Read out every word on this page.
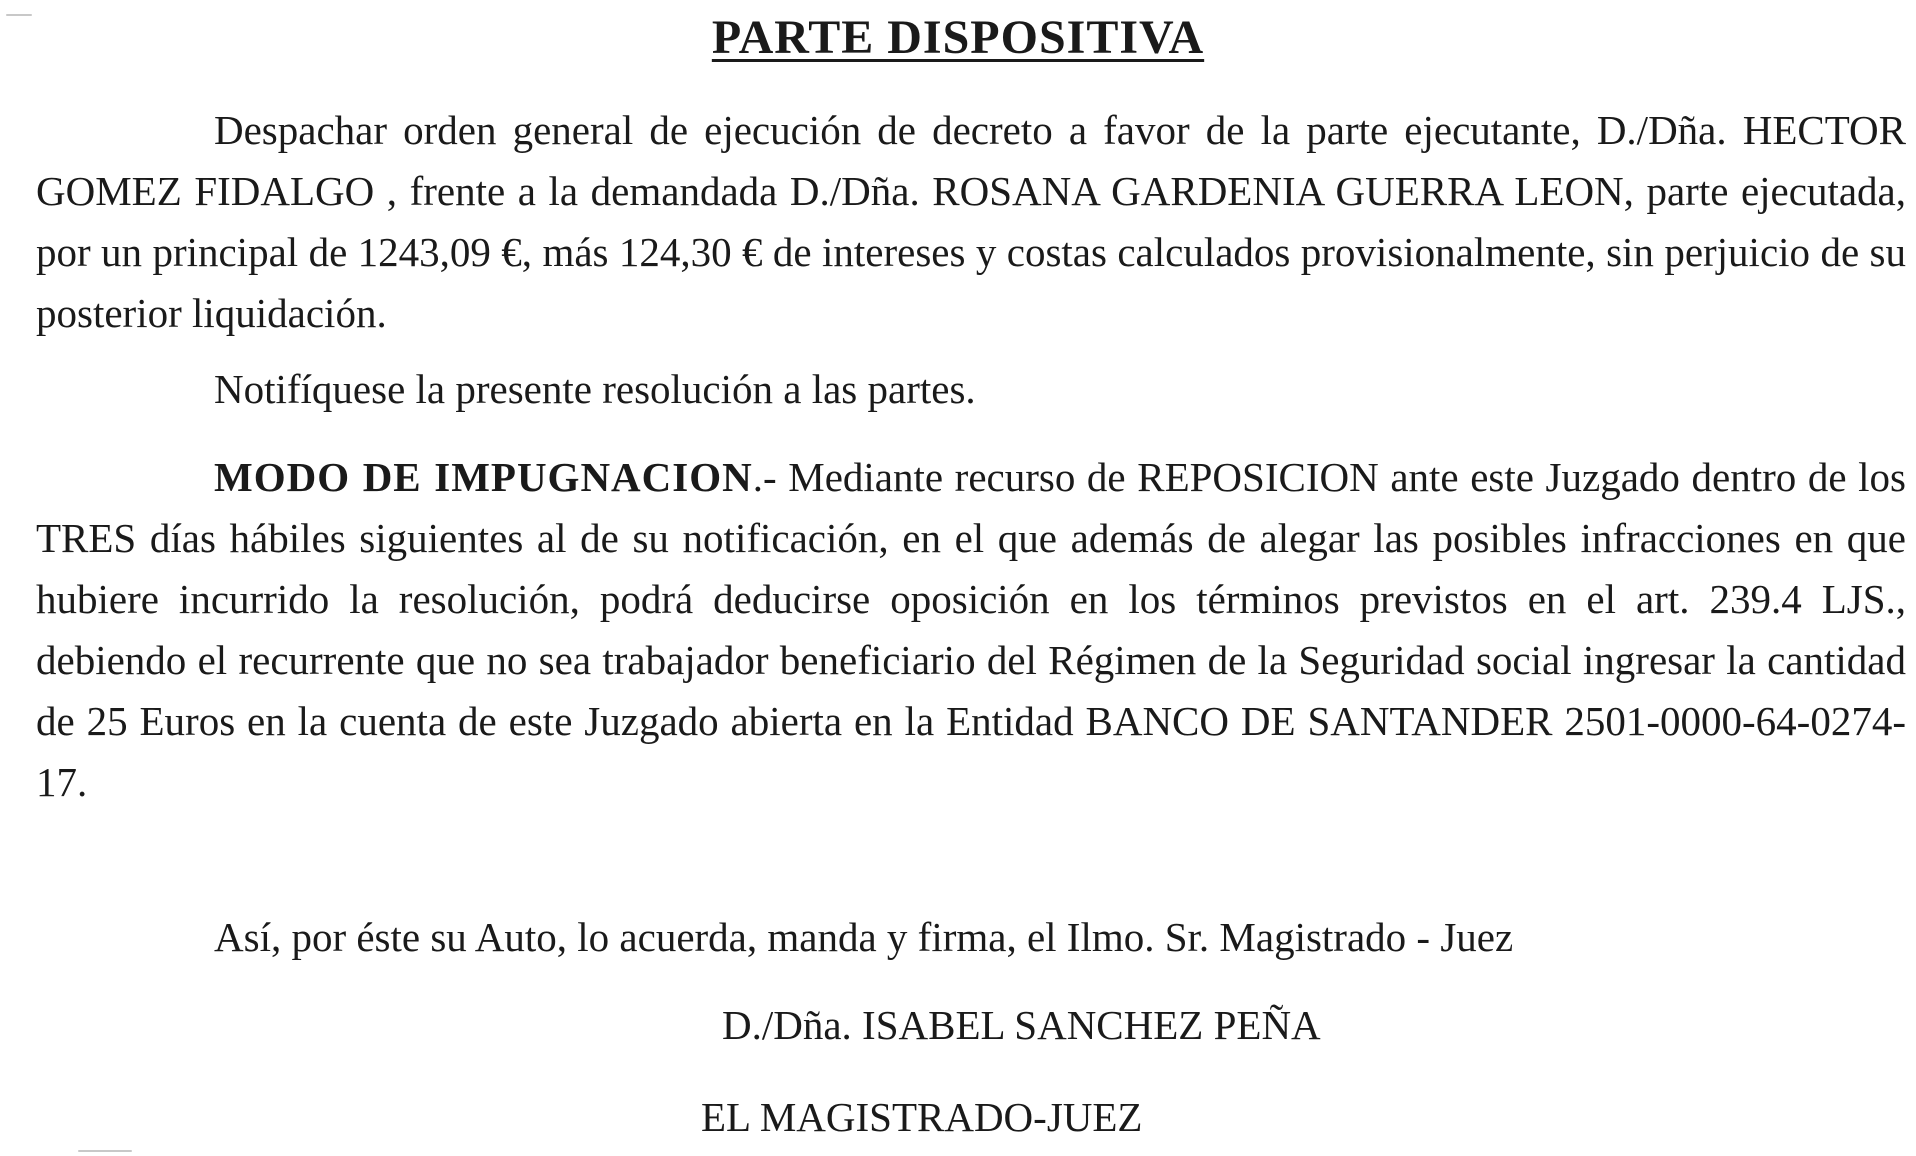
PARTE DISPOSITIVA

Despachar orden general de ejecución de decreto a favor de la parte ejecutante, D./Dña. HECTOR GOMEZ FIDALGO , frente a la demandada D./Dña. ROSANA GARDENIA GUERRA LEON, parte ejecutada, por un principal de 1243,09 €, más 124,30 € de intereses y costas calculados provisionalmente, sin perjuicio de su posterior liquidación.

Notifíquese la presente resolución a las partes.

MODO DE IMPUGNACION.- Mediante recurso de REPOSICION ante este Juzgado dentro de los TRES días hábiles siguientes al de su notificación, en el que además de alegar las posibles infracciones en que hubiere incurrido la resolución, podrá deducirse oposición en los términos previstos en el art. 239.4 LJS., debiendo el recurrente que no sea trabajador beneficiario del Régimen de la Seguridad social ingresar la cantidad de 25 Euros en la cuenta de este Juzgado abierta en la Entidad BANCO DE SANTANDER 2501-0000-64-0274-17.

Así, por éste su Auto, lo acuerda, manda y firma, el Ilmo. Sr. Magistrado - Juez

D./Dña. ISABEL SANCHEZ PEÑA

EL MAGISTRADO-JUEZ
